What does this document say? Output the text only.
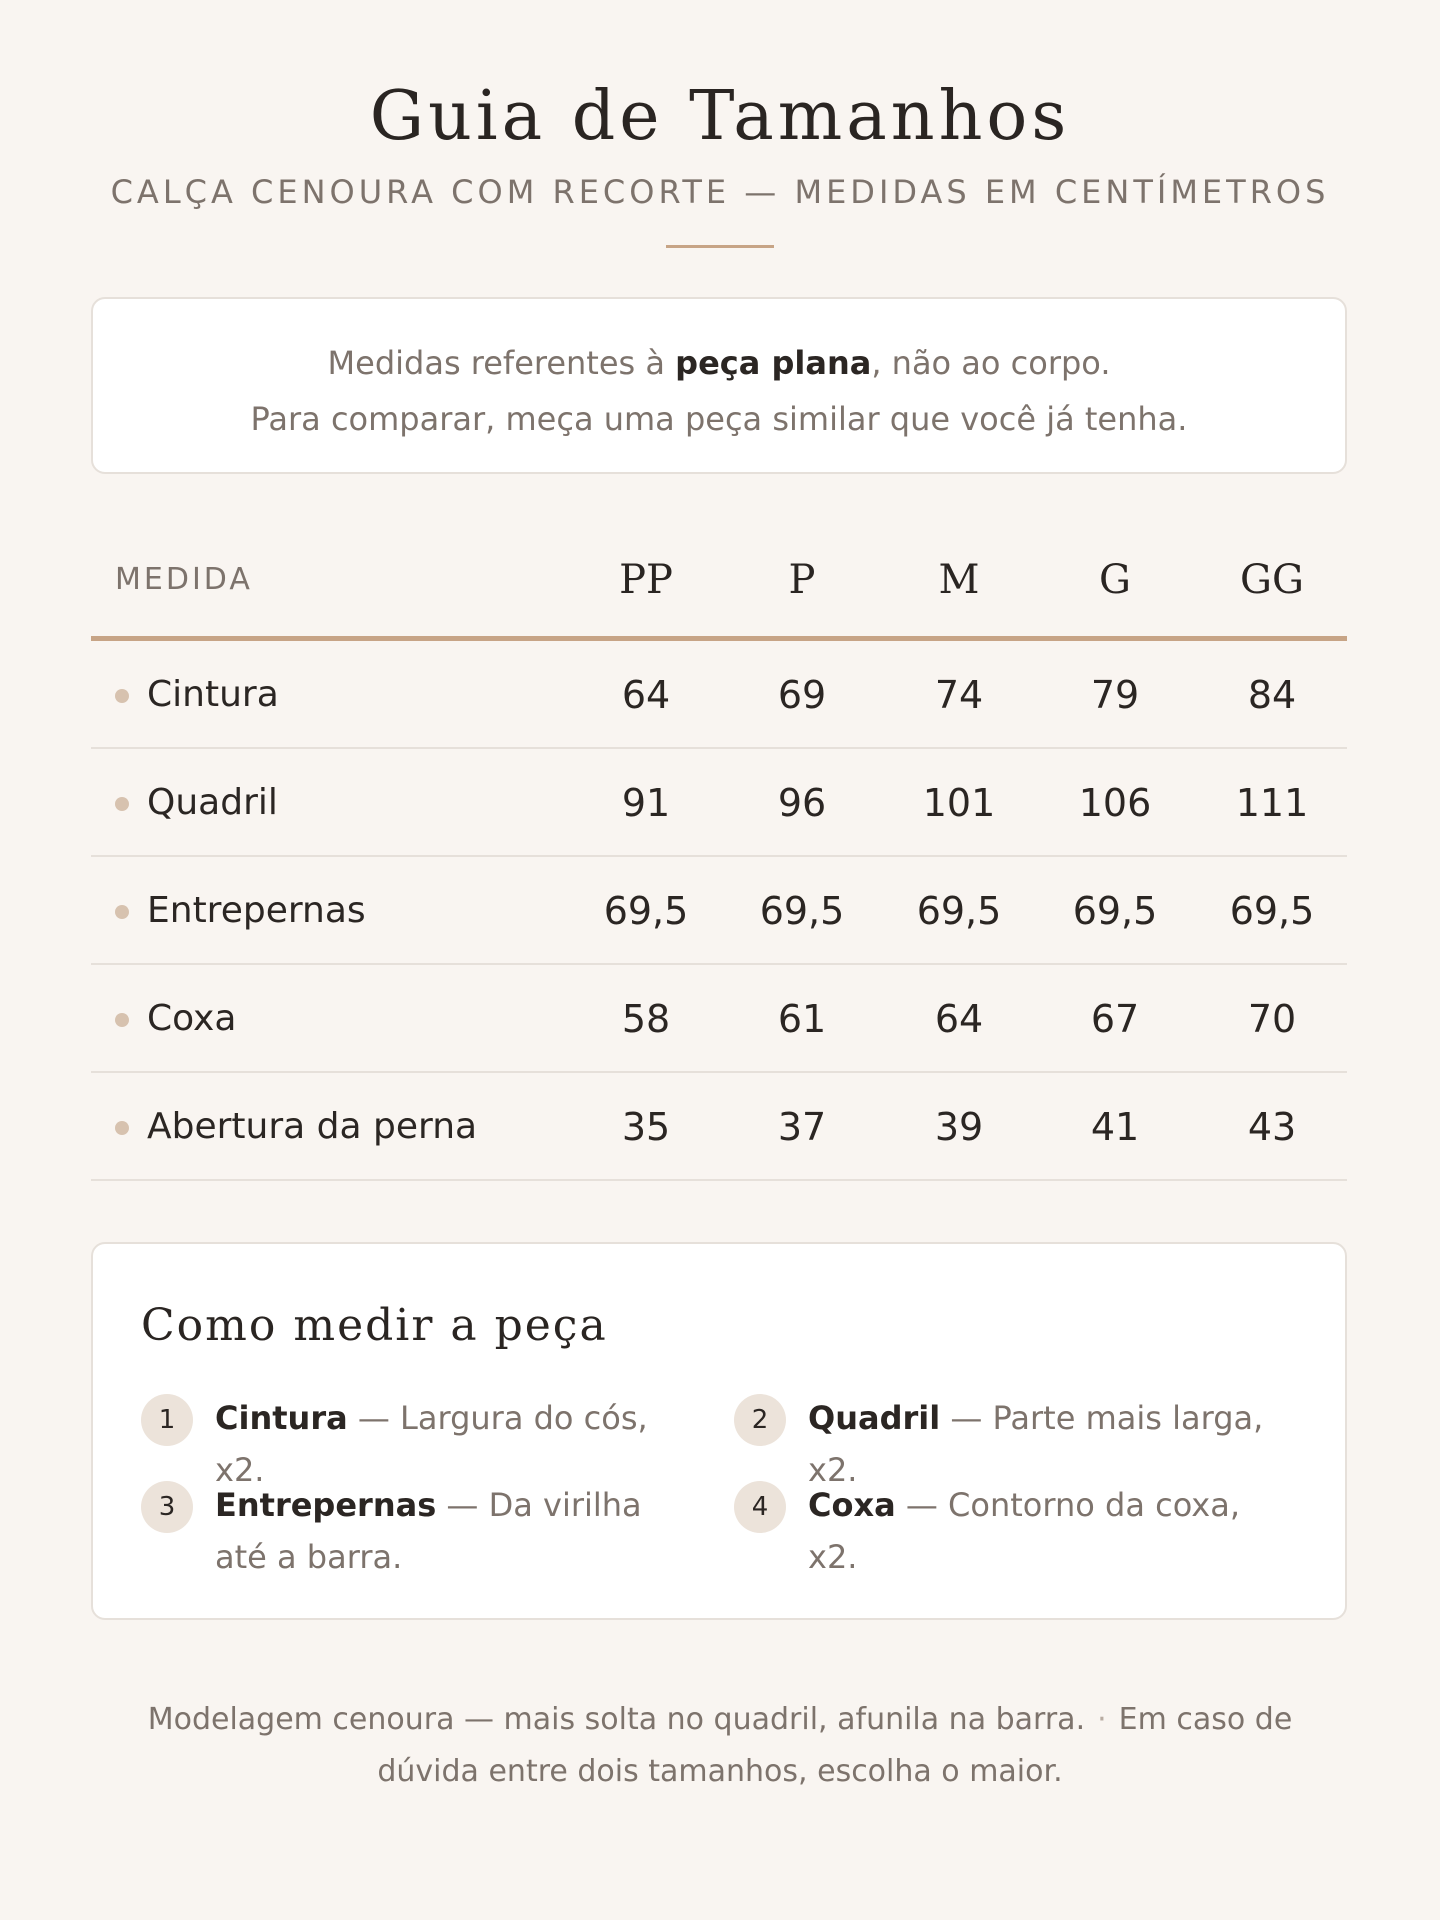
Guia de Tamanhos
CALÇA CENOURA COM RECORTE — MEDIDAS EM CENTÍMETROS
Medidas referentes à peça plana, não ao corpo.
Para comparar, meça uma peça similar que você já tenha.
MEDIDA	PP	P	M	G	GG
Cintura	64	69	74	79	84
Quadril	91	96	101	106	111
Entrepernas	69,5	69,5	69,5	69,5	69,5
Coxa	58	61	64	67	70
Abertura da perna	35	37	39	41	43
Como medir a peça
1	Cintura — Largura do cós, x2.
2	Quadril — Parte mais larga, x2.
3	Entrepernas — Da virilha até a barra.
4	Coxa — Contorno da coxa, x2.
Modelagem cenoura — mais solta no quadril, afunila na barra. · Em caso de dúvida entre dois tamanhos, escolha o maior.
